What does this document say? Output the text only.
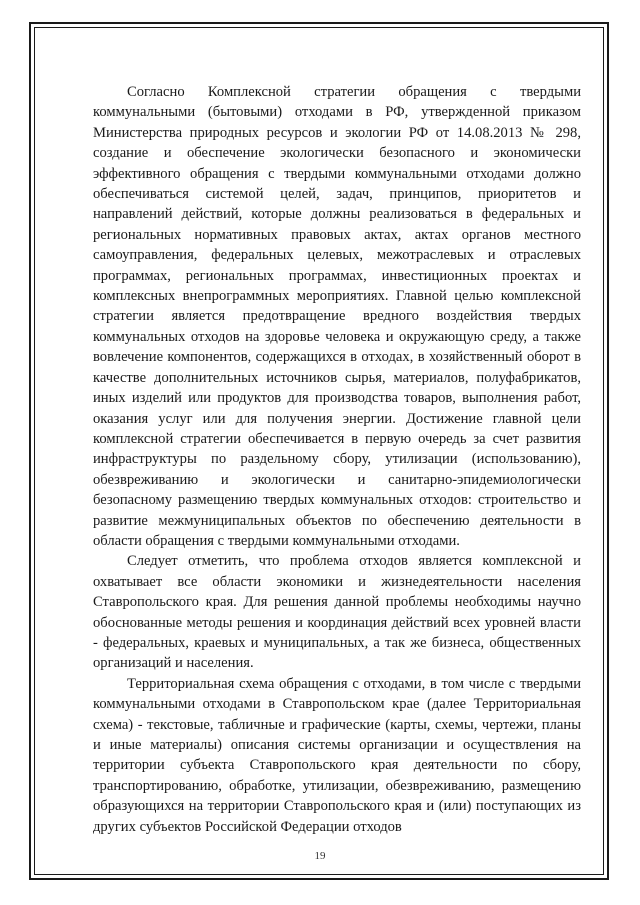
Согласно Комплексной стратегии обращения с твердыми коммунальными (бытовыми) отходами в РФ, утвержденной приказом Министерства природных ресурсов и экологии РФ от 14.08.2013 № 298, создание и обеспечение экологически безопасного и экономически эффективного обращения с твердыми коммунальными отходами должно обеспечиваться системой целей, задач, принципов, приоритетов и направлений действий, которые должны реализоваться в федеральных и региональных нормативных правовых актах, актах органов местного самоуправления, федеральных целевых, межотраслевых и отраслевых программах, региональных программах, инвестиционных проектах и комплексных внепрограммных мероприятиях. Главной целью комплексной стратегии является предотвращение вредного воздействия твердых коммунальных отходов на здоровье человека и окружающую среду, а также вовлечение компонентов, содержащихся в отходах, в хозяйственный оборот в качестве дополнительных источников сырья, материалов, полуфабрикатов, иных изделий или продуктов для производства товаров, выполнения работ, оказания услуг или для получения энергии. Достижение главной цели комплексной стратегии обеспечивается в первую очередь за счет развития инфраструктуры по раздельному сбору, утилизации (использованию), обезвреживанию и экологически и санитарно-эпидемиологически безопасному размещению твердых коммунальных отходов: строительство и развитие межмуниципальных объектов по обеспечению деятельности в области обращения с твердыми коммунальными отходами.

Следует отметить, что проблема отходов является комплексной и охватывает все области экономики и жизнедеятельности населения Ставропольского края. Для решения данной проблемы необходимы научно обоснованные методы решения и координация действий всех уровней власти - федеральных, краевых и муниципальных, а так же бизнеса, общественных организаций и населения.

Территориальная схема обращения с отходами, в том числе с твердыми коммунальными отходами в Ставропольском крае (далее Территориальная схема) - текстовые, табличные и графические (карты, схемы, чертежи, планы и иные материалы) описания системы организации и осуществления на территории субъекта Ставропольского края деятельности по сбору, транспортированию, обработке, утилизации, обезвреживанию, размещению образующихся на территории Ставропольского края и (или) поступающих из других субъектов Российской Федерации отходов

19
